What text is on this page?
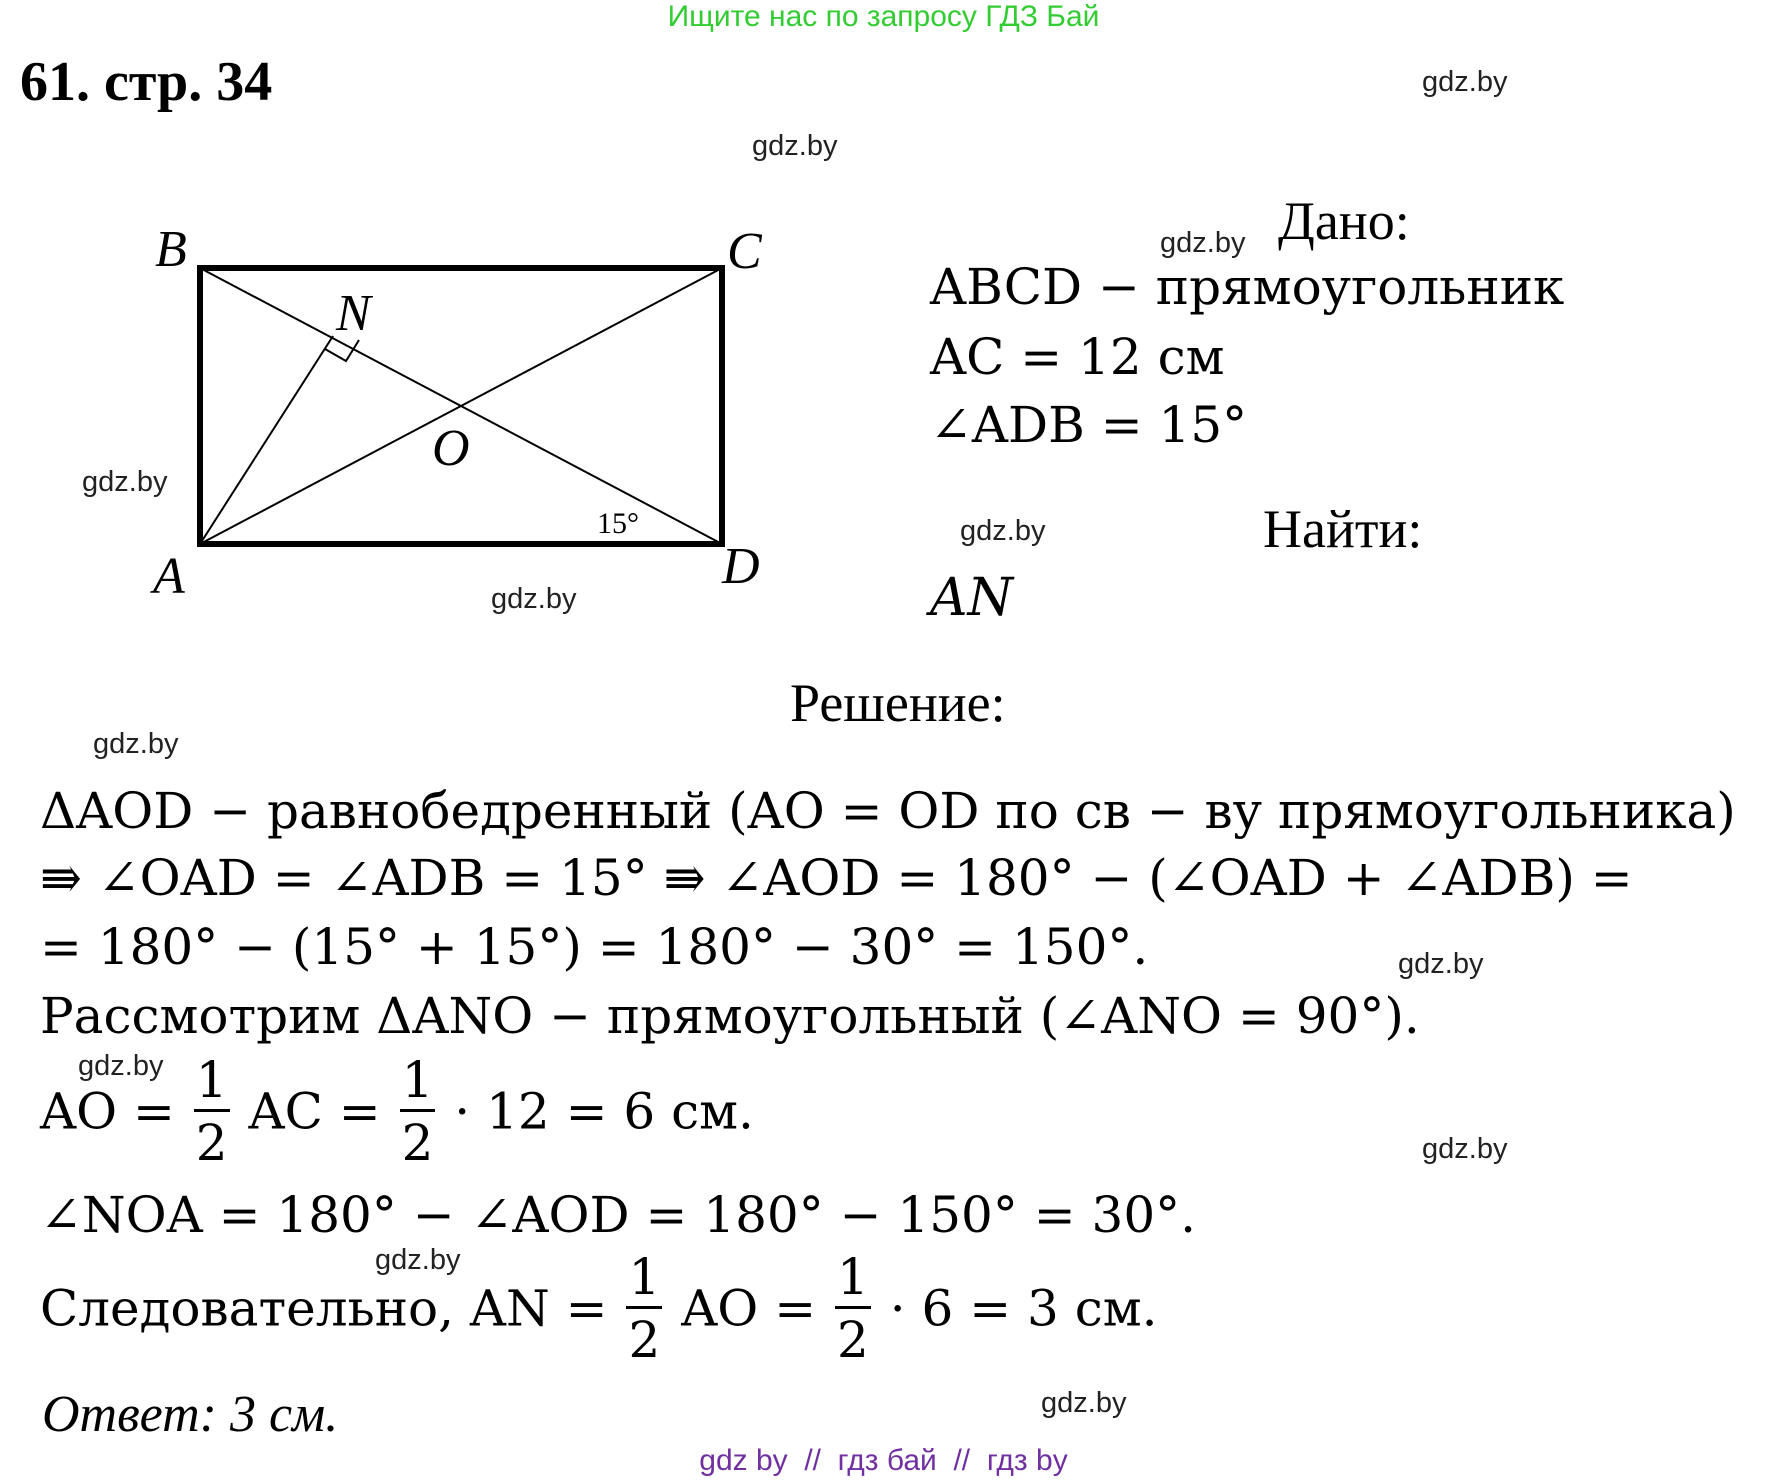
Ищите нас по запросу ГДЗ Бай
61. стр. 34	gdz.by
gdz.by
gdz.by
gdz.by
gdz.by
gdz.by
gdz.by
gdz.by
gdz.by
gdz.by
gdz.by
gdz.by
B	C
N
O
A	D
15°
Дано:
ABCD − прямоугольник
AC = 12 см
∠ADB = 15°
Найти:
AN
Решение:
ΔAOD − равнобедренный (AO = OD по св − ву прямоугольника)
⇛ ∠OAD = ∠ADB = 15° ⇛ ∠AOD = 180° − (∠OAD + ∠ADB) =
= 180° − (15° + 15°) = 180° − 30° = 150°.
Рассмотрим ΔANO − прямоугольный (∠ANO = 90°).
AO = $\frac{1}{2}$ AC = $\frac{1}{2} \cdot 12 = 6$ см.
∠NOA = 180° − ∠AOD = 180° − 150° = 30°.
Следовательно, AN = $\frac{1}{2}$ AO = $\frac{1}{2} \cdot 6 = 3$ см.
Ответ: 3 см.
gdz by  //  гдз бай  //  гдз by
